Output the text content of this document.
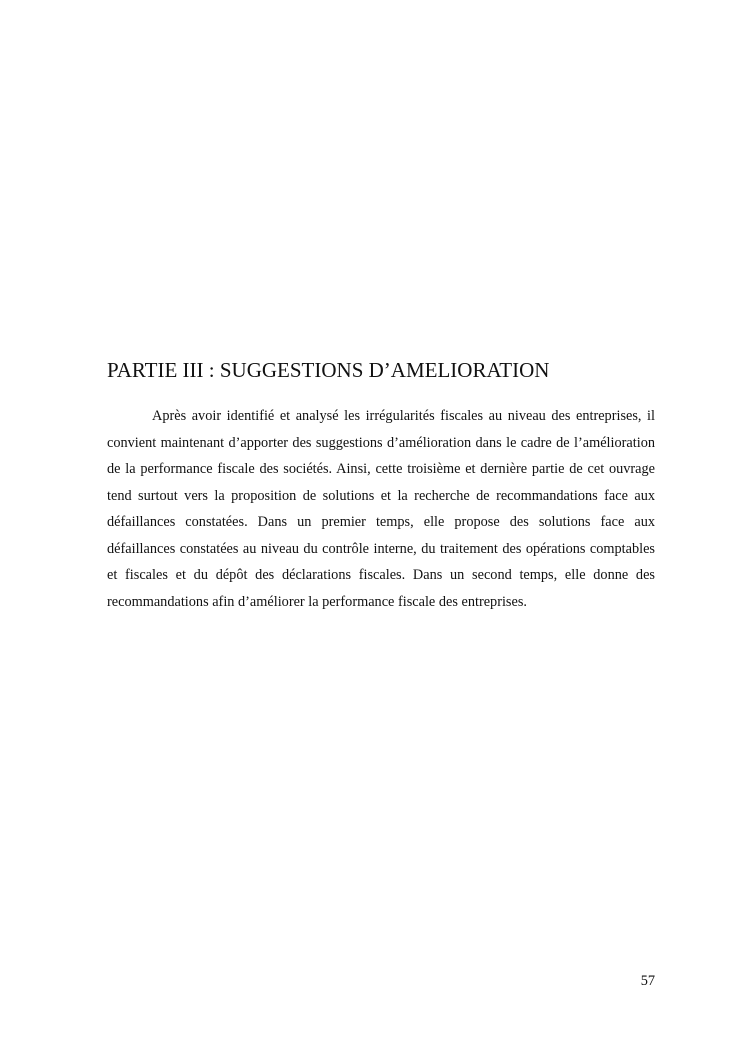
PARTIE III : SUGGESTIONS D’AMELIORATION

Après avoir identifié et analysé les irrégularités fiscales au niveau des entreprises, il convient maintenant d’apporter des suggestions d’amélioration dans le cadre de l’amélioration de la performance fiscale des sociétés. Ainsi, cette troisième et dernière partie de cet ouvrage tend surtout vers la proposition de solutions et la recherche de recommandations face aux défaillances constatées. Dans un premier temps, elle propose des solutions face aux défaillances constatées au niveau du contrôle interne, du traitement des opérations comptables et fiscales et du dépôt des déclarations fiscales. Dans un second temps, elle donne des recommandations afin d’améliorer la performance fiscale des entreprises.

57
